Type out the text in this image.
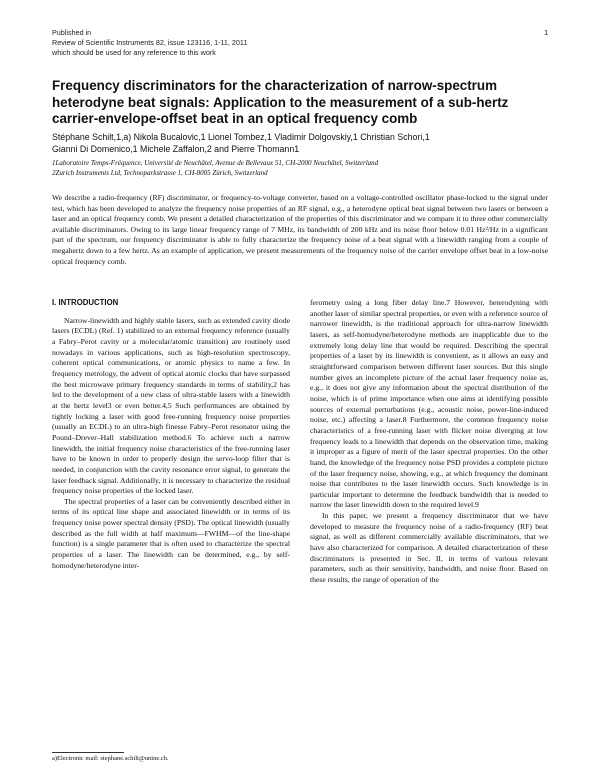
Published in
Review of Scientific Instruments 82, issue 123116, 1-11, 2011
which should be used for any reference to this work
1
Frequency discriminators for the characterization of narrow-spectrum heterodyne beat signals: Application to the measurement of a sub-hertz carrier-envelope-offset beat in an optical frequency comb
Stéphane Schilt,1,a) Nikola Bucalovic,1 Lionel Tombez,1 Vladimir Dolgovskiy,1 Christian Schori,1
Gianni Di Domenico,1 Michele Zaffalon,2 and Pierre Thomann1
1Laboratoire Temps-Fréquence, Université de Neuchâtel, Avenue de Bellevaux 51, CH-2000 Neuchâtel, Switzerland
2Zurich Instruments Ltd, Technoparkstrasse 1, CH-8005 Zürich, Switzerland
We describe a radio-frequency (RF) discriminator, or frequency-to-voltage converter, based on a voltage-controlled oscillator phase-locked to the signal under test, which has been developed to analyze the frequency noise properties of an RF signal, e.g., a heterodyne optical beat signal between two lasers or between a laser and an optical frequency comb. We present a detailed characterization of the properties of this discriminator and we compare it to three other commercially available discriminators. Owing to its large linear frequency range of 7 MHz, its bandwidth of 200 kHz and its noise floor below 0.01 Hz²/Hz in a significant part of the spectrum, our frequency discriminator is able to fully characterize the frequency noise of a beat signal with a linewidth ranging from a couple of megahertz down to a few hertz. As an example of application, we present measurements of the frequency noise of the carrier envelope offset beat in a low-noise optical frequency comb.
I. INTRODUCTION

Narrow-linewidth and highly stable lasers, such as extended cavity diode lasers (ECDL) (Ref. 1) stabilized to an external frequency reference (usually a Fabry–Perot cavity or a molecular/atomic transition) are routinely used nowadays in various applications, such as high-resolution spectroscopy, coherent optical communications, or atomic physics to name a few. In frequency metrology, the advent of optical atomic clocks that have surpassed the best microwave primary frequency standards in terms of stability,2 has led to the development of a new class of ultra-stable lasers with a linewidth at the hertz level3 or even better.4,5 Such performances are obtained by tightly locking a laser with good free-running frequency noise properties (usually an ECDL) to an ultra-high finesse Fabry–Perot resonator using the Pound–Drever–Hall stabilization method.6 To achieve such a narrow linewidth, the initial frequency noise characteristics of the free-running laser have to be known in order to properly design the servo-loop filter that is needed, in conjunction with the cavity resonance error signal, to generate the laser feedback signal. Additionally, it is necessary to characterize the residual frequency noise properties of the locked laser.

The spectral properties of a laser can be conveniently described either in terms of its optical line shape and associated linewidth or in terms of its frequency noise power spectral density (PSD). The optical linewidth (usually described as the full width at half maximum—FWHM—of the line-shape function) is a single parameter that is often used to characterize the spectral properties of a laser. The linewidth can be determined, e.g., by self-homodyne/heterodyne inter-

ferometry using a long fiber delay line.7 However, heterodyning with another laser of similar spectral properties, or even with a reference source of narrower linewidth, is the traditional approach for ultra-narrow linewidth lasers, as self-homodyne/heterodyne methods are inapplicable due to the extremely long delay line that would be required. Describing the spectral properties of a laser by its linewidth is convenient, as it allows an easy and straightforward comparison between different laser sources. But this single number gives an incomplete picture of the actual laser frequency noise as, e.g., it does not give any information about the spectral distribution of the noise, which is of prime importance when one aims at identifying possible sources of external perturbations (e.g., acoustic noise, power-line-induced noise, etc.) affecting a laser.8 Furthermore, the common frequency noise characteristics of a free-running laser with flicker noise diverging at low frequency leads to a linewidth that depends on the observation time, making it improper as a figure of merit of the laser spectral properties. On the other hand, the knowledge of the frequency noise PSD provides a complete picture of the laser frequency noise, showing, e.g., at which frequency the dominant noise that contributes to the laser linewidth occurs. Such knowledge is in particular important to determine the feedback bandwidth that is needed to narrow the laser linewidth down to the required level.9

In this paper, we present a frequency discriminator that we have developed to measure the frequency noise of a radio-frequency (RF) beat signal, as well as different commercially available discriminators, that we have also characterized for comparison. A detailed characterization of these discriminators is presented in Sec. II, in terms of various relevant parameters, such as their sensitivity, bandwidth, and noise floor. Based on these results, the range of operation of the

a)Electronic mail: stephane.schilt@unine.ch.
